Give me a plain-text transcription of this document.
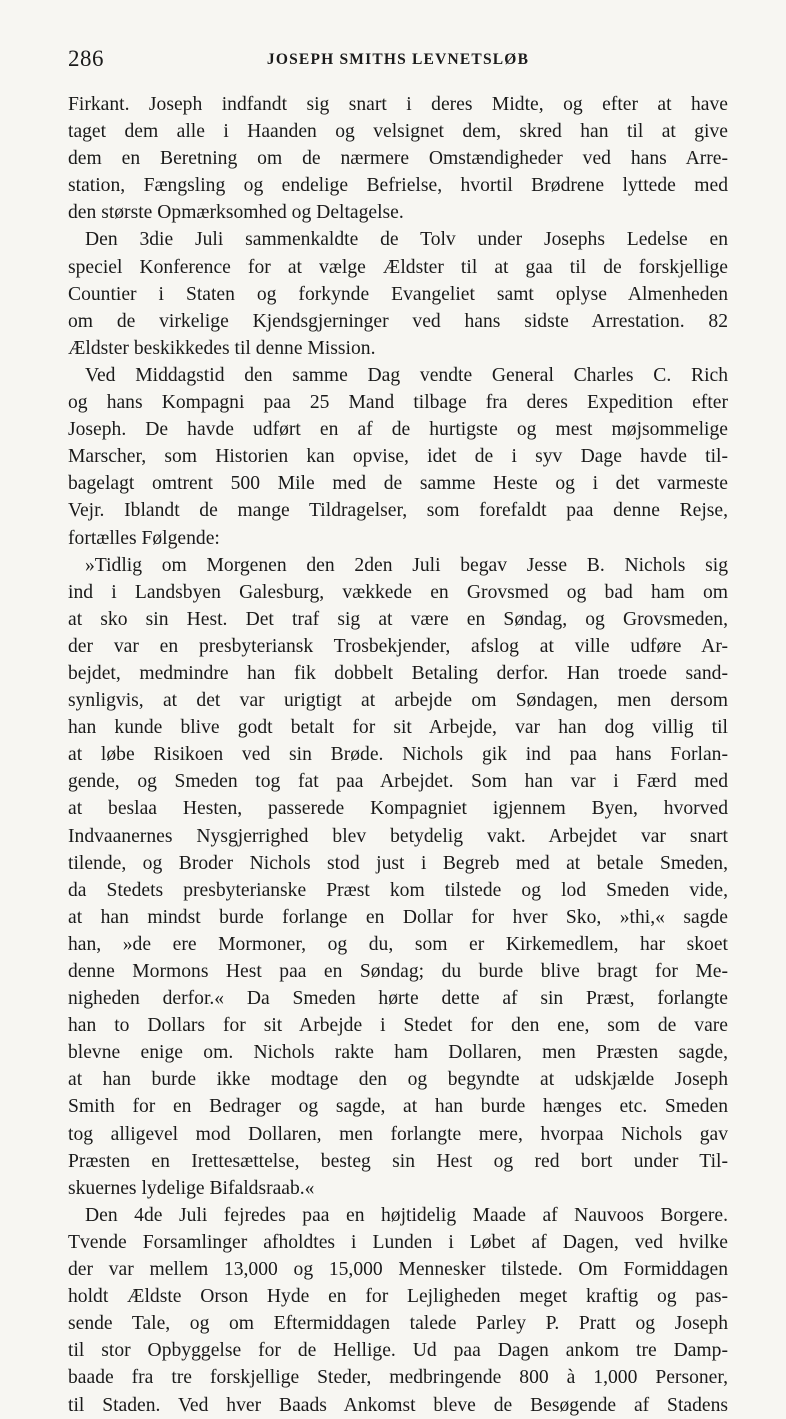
286	JOSEPH SMITHS LEVNETSLØB
Firkant. Joseph indfandt sig snart i deres Midte, og efter at have
taget dem alle i Haanden og velsignet dem, skred han til at give
dem en Beretning om de nærmere Omstændigheder ved hans Arre-
station, Fængsling og endelige Befrielse, hvortil Brødrene lyttede med
den største Opmærksomhed og Deltagelse.
Den 3die Juli sammenkaldte de Tolv under Josephs Ledelse en
speciel Konference for at vælge Ældster til at gaa til de forskjellige
Countier i Staten og forkynde Evangeliet samt oplyse Almenheden
om de virkelige Kjendsgjerninger ved hans sidste Arrestation. 82
Ældster beskikkedes til denne Mission.
Ved Middagstid den samme Dag vendte General Charles C. Rich
og hans Kompagni paa 25 Mand tilbage fra deres Expedition efter
Joseph. De havde udført en af de hurtigste og mest møjsommelige
Marscher, som Historien kan opvise, idet de i syv Dage havde til-
bagelagt omtrent 500 Mile med de samme Heste og i det varmeste
Vejr. Iblandt de mange Tildragelser, som forefaldt paa denne Rejse,
fortælles Følgende:
»Tidlig om Morgenen den 2den Juli begav Jesse B. Nichols sig
ind i Landsbyen Galesburg, vækkede en Grovsmed og bad ham om
at sko sin Hest. Det traf sig at være en Søndag, og Grovsmeden,
der var en presbyteriansk Trosbekjender, afslog at ville udføre Ar-
bejdet, medmindre han fik dobbelt Betaling derfor. Han troede sand-
synligvis, at det var urigtigt at arbejde om Søndagen, men dersom
han kunde blive godt betalt for sit Arbejde, var han dog villig til
at løbe Risikoen ved sin Brøde. Nichols gik ind paa hans Forlan-
gende, og Smeden tog fat paa Arbejdet. Som han var i Færd med
at beslaa Hesten, passerede Kompagniet igjennem Byen, hvorved
Indvaanernes Nysgjerrighed blev betydelig vakt. Arbejdet var snart
tilende, og Broder Nichols stod just i Begreb med at betale Smeden,
da Stedets presbyterianske Præst kom tilstede og lod Smeden vide,
at han mindst burde forlange en Dollar for hver Sko, »thi,« sagde
han, »de ere Mormoner, og du, som er Kirkemedlem, har skoet
denne Mormons Hest paa en Søndag; du burde blive bragt for Me-
nigheden derfor.« Da Smeden hørte dette af sin Præst, forlangte
han to Dollars for sit Arbejde i Stedet for den ene, som de vare
blevne enige om. Nichols rakte ham Dollaren, men Præsten sagde,
at han burde ikke modtage den og begyndte at udskjælde Joseph
Smith for en Bedrager og sagde, at han burde hænges etc. Smeden
tog alligevel mod Dollaren, men forlangte mere, hvorpaa Nichols gav
Præsten en Irettesættelse, besteg sin Hest og red bort under Til-
skuernes lydelige Bifaldsraab.«
Den 4de Juli fejredes paa en højtidelig Maade af Nauvoos Borgere.
Tvende Forsamlinger afholdtes i Lunden i Løbet af Dagen, ved hvilke
der var mellem 13,000 og 15,000 Mennesker tilstede. Om Formiddagen
holdt Ældste Orson Hyde en for Lejligheden meget kraftig og pas-
sende Tale, og om Eftermiddagen talede Parley P. Pratt og Joseph
til stor Opbyggelse for de Hellige. Ud paa Dagen ankom tre Damp-
baade fra tre forskjellige Steder, medbringende 800 à 1,000 Personer,
til Staden. Ved hver Baads Ankomst bleve de Besøgende af Stadens
